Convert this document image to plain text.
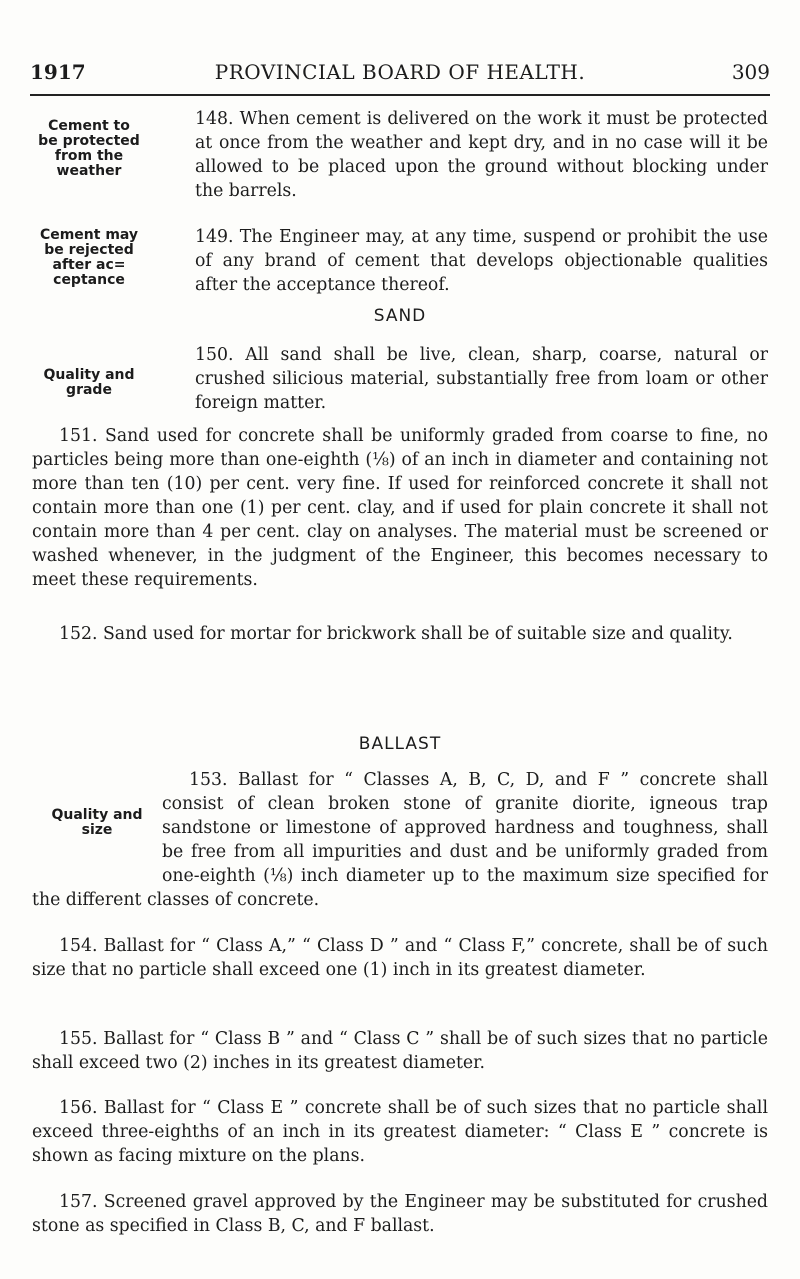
1917	PROVINCIAL BOARD OF HEALTH.	309
Cement to
be protected
from the
weather

148. When cement is delivered on the work it must be protected at once from the weather and kept dry, and in no case will it be allowed to be placed upon the ground without blocking under the barrels.

Cement may
be rejected
after ac=
ceptance

149. The Engineer may, at any time, suspend or prohibit the use of any brand of cement that develops objectionable qualities after the acceptance thereof.

SAND
Quality and
grade

150. All sand shall be live, clean, sharp, coarse, natural or crushed silicious material, substantially free from loam or other foreign matter.

151. Sand used for concrete shall be uniformly graded from coarse to fine, no particles being more than one-eighth (⅛) of an inch in diameter and containing not more than ten (10) per cent. very fine. If used for reinforced concrete it shall not contain more than one (1) per cent. clay, and if used for plain concrete it shall not contain more than 4 per cent. clay on analyses. The material must be screened or washed whenever, in the judgment of the Engineer, this becomes necessary to meet these requirements.

152. Sand used for mortar for brickwork shall be of suitable size and quality.

BALLAST
Quality and
size
153. Ballast for “ Classes A, B, C, D, and F ” concrete shall consist of clean broken stone of granite diorite, igneous trap sandstone or limestone of approved hardness and toughness, shall be free from all impurities and dust and be uniformly graded from one-eighth (⅛) inch diameter up to the maximum size specified for the different classes of concrete.

154. Ballast for “ Class A,” “ Class D ” and “ Class F,” concrete, shall be of such size that no particle shall exceed one (1) inch in its greatest diameter.

155. Ballast for “ Class B ” and “ Class C ” shall be of such sizes that no particle shall exceed two (2) inches in its greatest diameter.

156. Ballast for “ Class E ” concrete shall be of such sizes that no particle shall exceed three-eighths of an inch in its greatest diameter: “ Class E ” concrete is shown as facing mixture on the plans.

157. Screened gravel approved by the Engineer may be substituted for crushed stone as specified in Class B, C, and F ballast.
